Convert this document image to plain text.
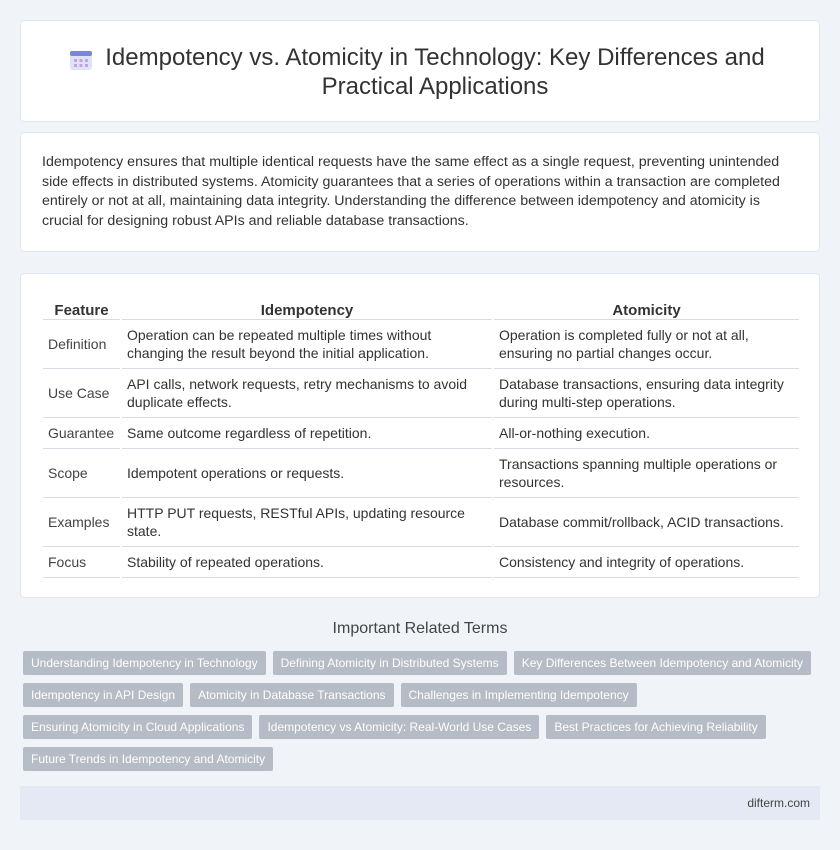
Idempotency vs. Atomicity in Technology: Key Differences and Practical Applications

Idempotency ensures that multiple identical requests have the same effect as a single request, preventing unintended side effects in distributed systems. Atomicity guarantees that a series of operations within a transaction are completed entirely or not at all, maintaining data integrity. Understanding the difference between idempotency and atomicity is crucial for designing robust APIs and reliable database transactions.

Feature	Idempotency	Atomicity
Definition	Operation can be repeated multiple times without changing the result beyond the initial application.	Operation is completed fully or not at all, ensuring no partial changes occur.
Use Case	API calls, network requests, retry mechanisms to avoid duplicate effects.	Database transactions, ensuring data integrity during multi-step operations.
Guarantee	Same outcome regardless of repetition.	All-or-nothing execution.
Scope	Idempotent operations or requests.	Transactions spanning multiple operations or resources.
Examples	HTTP PUT requests, RESTful APIs, updating resource state.	Database commit/rollback, ACID transactions.
Focus	Stability of repeated operations.	Consistency and integrity of operations.
Important Related Terms
Understanding Idempotency in Technology	Defining Atomicity in Distributed Systems	Key Differences Between Idempotency and Atomicity
Idempotency in API Design	Atomicity in Database Transactions	Challenges in Implementing Idempotency
Ensuring Atomicity in Cloud Applications	Idempotency vs Atomicity: Real-World Use Cases	Best Practices for Achieving Reliability
Future Trends in Idempotency and Atomicity
difterm.com
